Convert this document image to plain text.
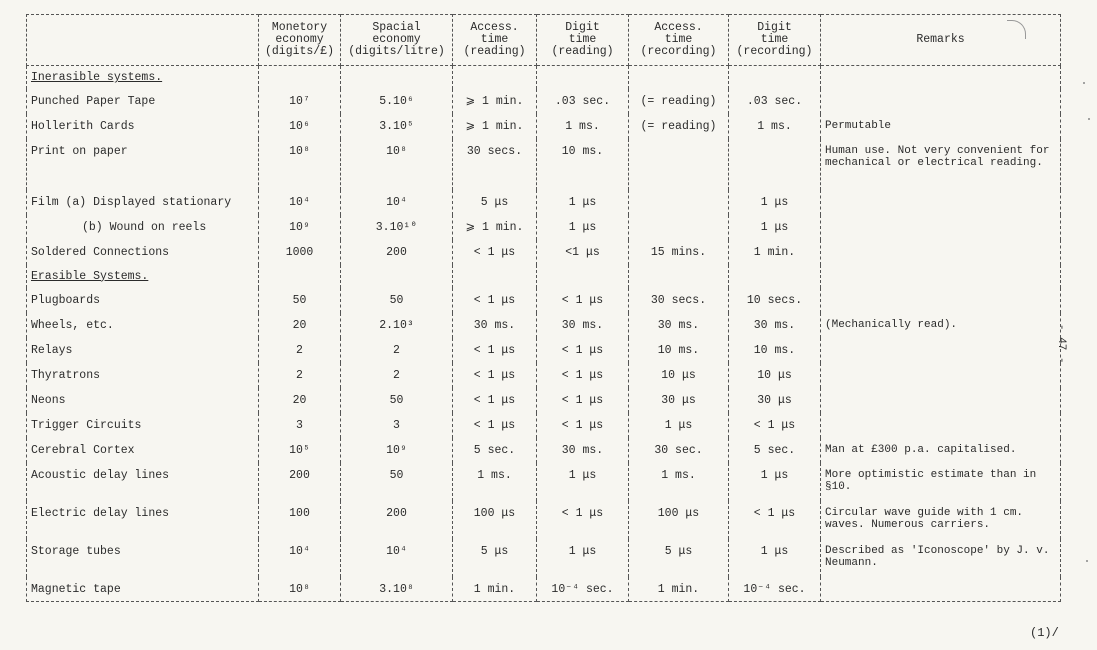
	Monetory
economy
(digits/£)	Spacial
economy
(digits/litre)	Access.
time
(reading)	Digit
time
(reading)	Access.
time
(recording)	Digit
time
(recording)	Remarks
Inerasible systems.							
Punched Paper Tape	10⁷	5.10⁶	⩾ 1 min.	.03 sec.	(= reading)	.03 sec.	
Hollerith Cards	10⁶	3.10⁵	⩾ 1 min.	1 ms.	(= reading)	1 ms.	Permutable
Print on paper	10⁸	10⁸	30 secs.	10 ms.			Human use. Not very convenient for mechanical or electrical reading.
Film (a) Displayed stationary	10⁴	10⁴	5 μs	1 μs		1 μs	
(b) Wound on reels	10⁹	3.10¹⁰	⩾ 1 min.	1 μs		1 μs	
Soldered Connections	1000	200	< 1 μs	<1 μs	15 mins.	1 min.	
Erasible Systems.							
Plugboards	50	50	< 1 μs	< 1 μs	30 secs.	10 secs.	
Wheels, etc.	20	2.10³	30 ms.	30 ms.	30 ms.	30 ms.	(Mechanically read).
Relays	2	2	< 1 μs	< 1 μs	10 ms.	10 ms.	
Thyratrons	2	2	< 1 μs	< 1 μs	10 μs	10 μs	
Neons	20	50	< 1 μs	< 1 μs	30 μs	30 μs	
Trigger Circuits	3	3	< 1 μs	< 1 μs	1 μs	< 1 μs	
Cerebral Cortex	10⁵	10⁹	5 sec.	30 ms.	30 sec.	5 sec.	Man at £300 p.a. capitalised.
Acoustic delay lines	200	50	1 ms.	1 μs	1 ms.	1 μs	More optimistic estimate than in §10.
Electric delay lines	100	200	100 μs	< 1 μs	100 μs	< 1 μs	Circular wave guide with 1 cm. waves. Numerous carriers.
Storage tubes	10⁴	10⁴	5 μs	1 μs	5 μs	1 μs	Described as 'Iconoscope' by J. v. Neumann.
Magnetic tape	10⁸	3.10⁸	1 min.	10⁻⁴ sec.	1 min.	10⁻⁴ sec.	
- 47 -
(1)/
